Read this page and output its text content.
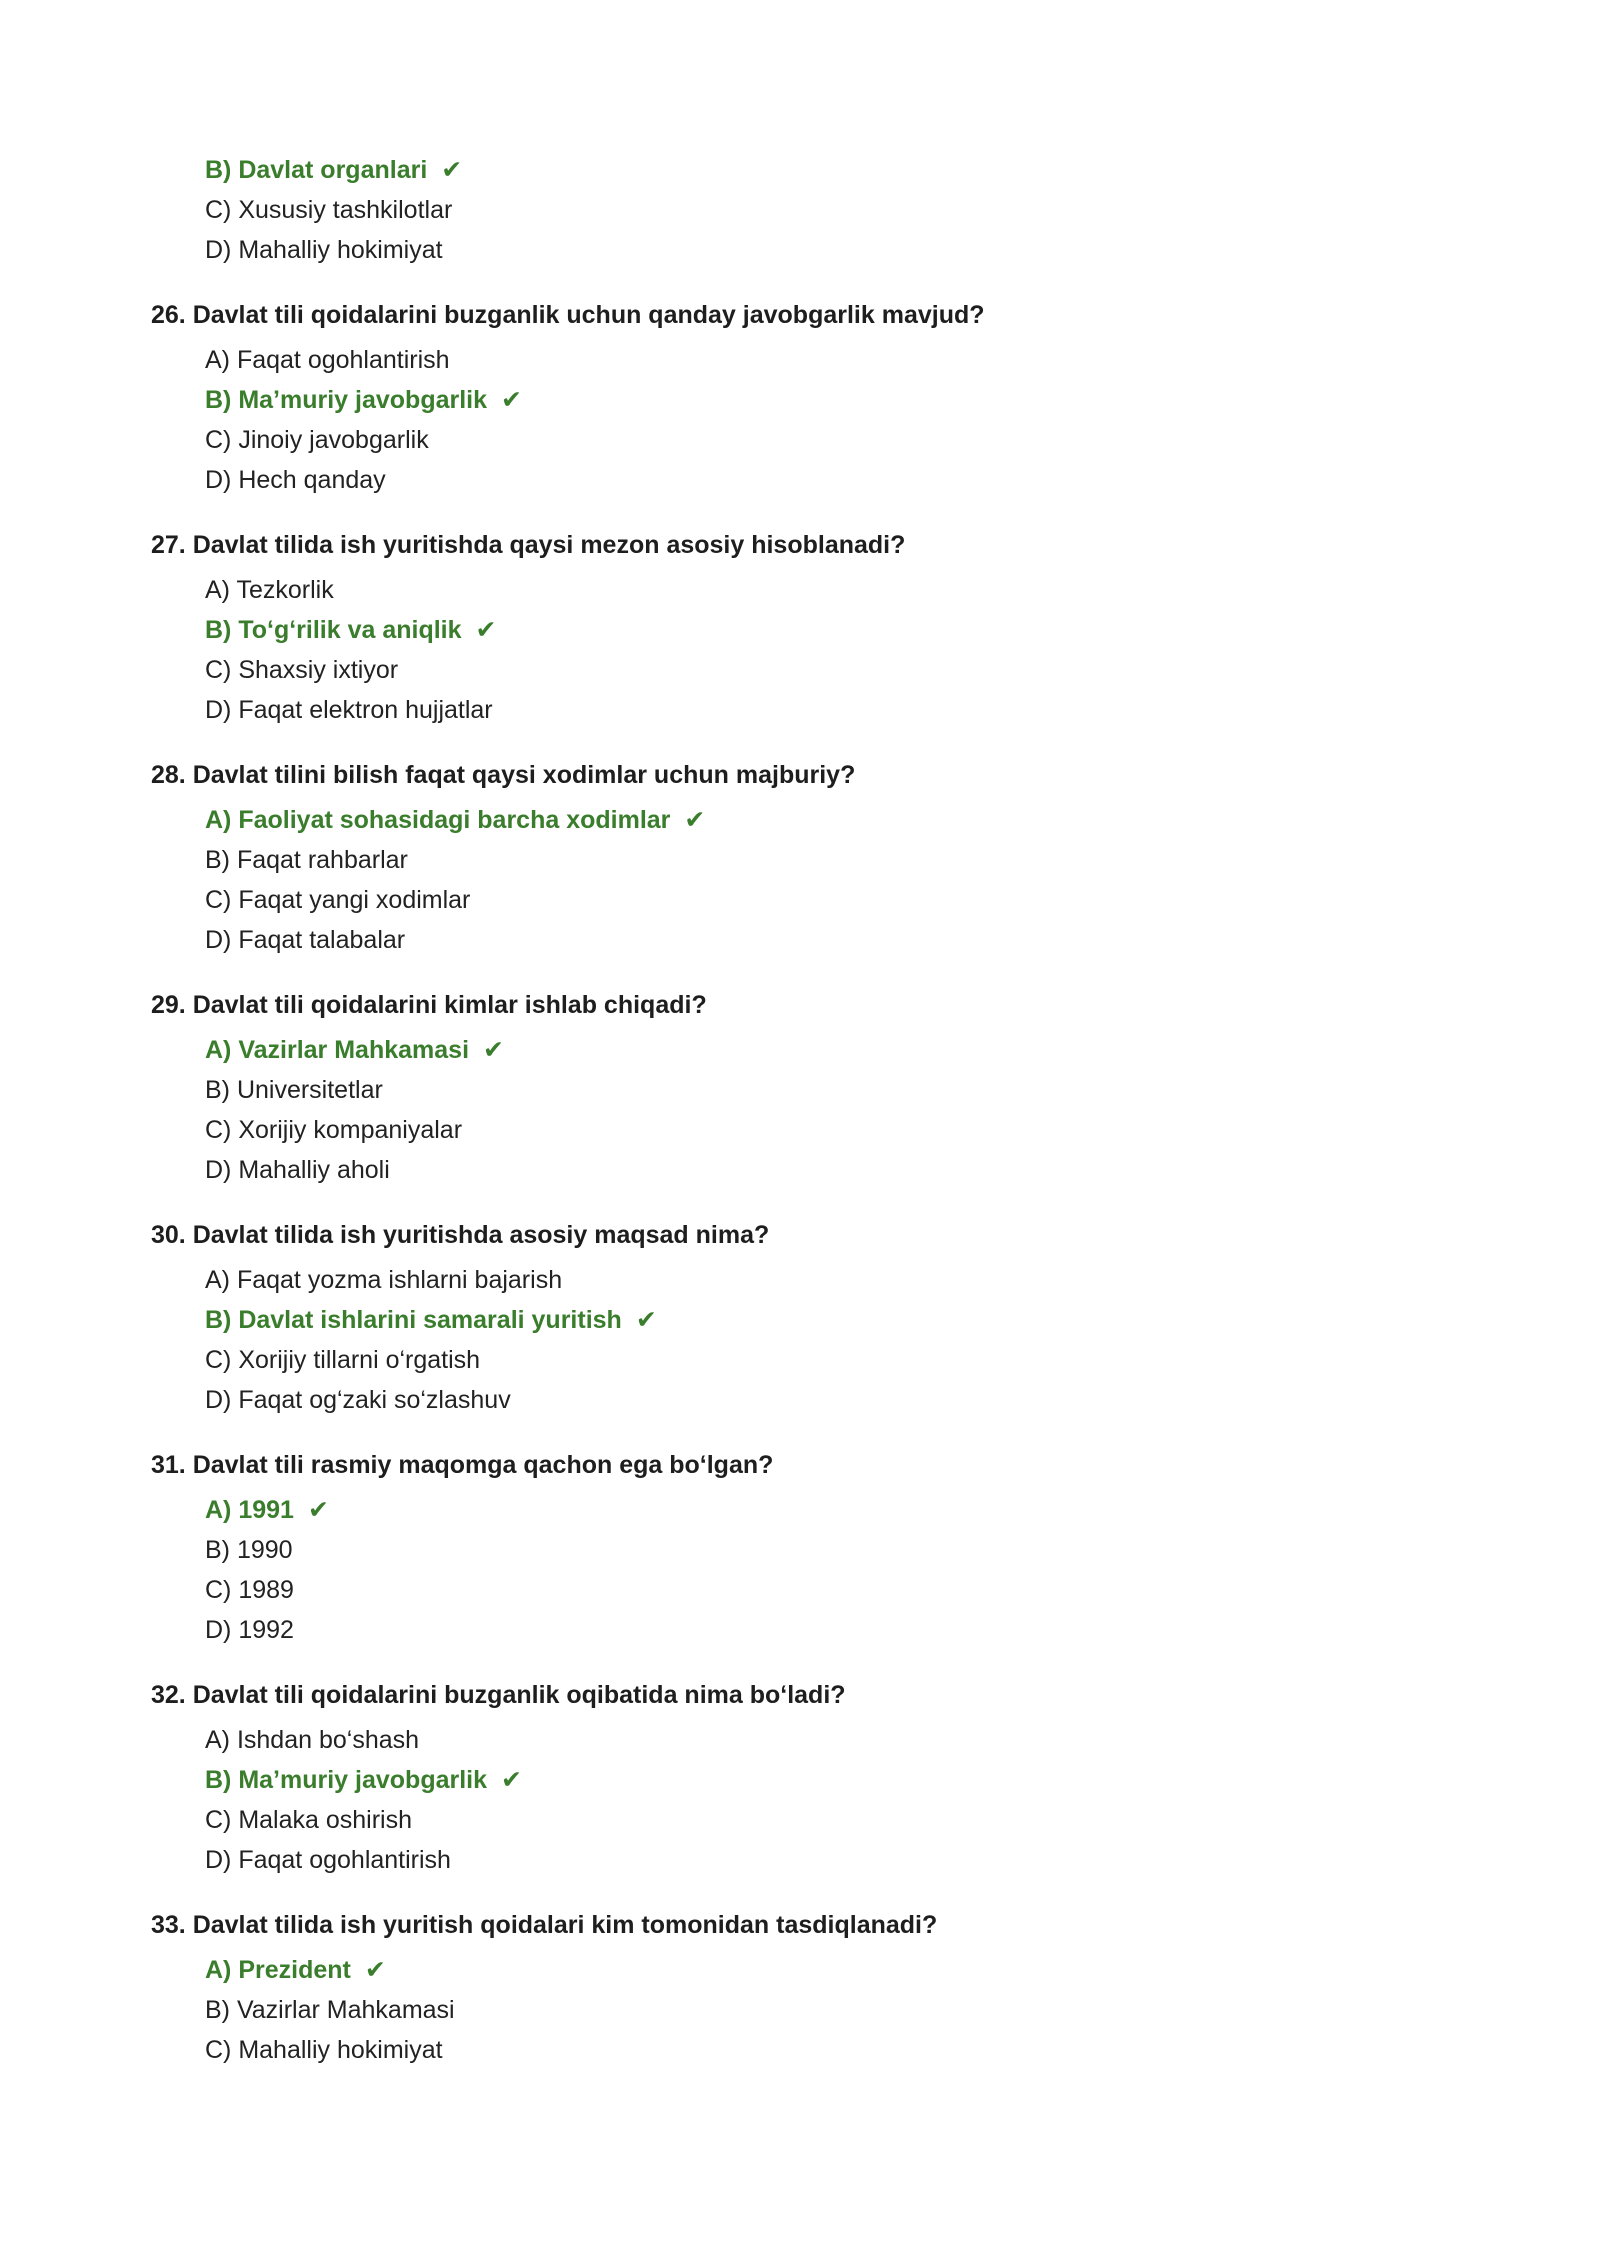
B) Davlat organlari ✔
C) Xususiy tashkilotlar
D) Mahalliy hokimiyat
26. Davlat tili qoidalarini buzganlik uchun qanday javobgarlik mavjud?
A) Faqat ogohlantirish
B) Ma’muriy javobgarlik ✔
C) Jinoiy javobgarlik
D) Hech qanday
27. Davlat tilida ish yuritishda qaysi mezon asosiy hisoblanadi?
A) Tezkorlik
B) To‘g‘rilik va aniqlik ✔
C) Shaxsiy ixtiyor
D) Faqat elektron hujjatlar
28. Davlat tilini bilish faqat qaysi xodimlar uchun majburiy?
A) Faoliyat sohasidagi barcha xodimlar ✔
B) Faqat rahbarlar
C) Faqat yangi xodimlar
D) Faqat talabalar
29. Davlat tili qoidalarini kimlar ishlab chiqadi?
A) Vazirlar Mahkamasi ✔
B) Universitetlar
C) Xorijiy kompaniyalar
D) Mahalliy aholi
30. Davlat tilida ish yuritishda asosiy maqsad nima?
A) Faqat yozma ishlarni bajarish
B) Davlat ishlarini samarali yuritish ✔
C) Xorijiy tillarni o‘rgatish
D) Faqat og‘zaki so‘zlashuv
31. Davlat tili rasmiy maqomga qachon ega bo‘lgan?
A) 1991 ✔
B) 1990
C) 1989
D) 1992
32. Davlat tili qoidalarini buzganlik oqibatida nima bo‘ladi?
A) Ishdan bo‘shash
B) Ma’muriy javobgarlik ✔
C) Malaka oshirish
D) Faqat ogohlantirish
33. Davlat tilida ish yuritish qoidalari kim tomonidan tasdiqlanadi?
A) Prezident ✔
B) Vazirlar Mahkamasi
C) Mahalliy hokimiyat
